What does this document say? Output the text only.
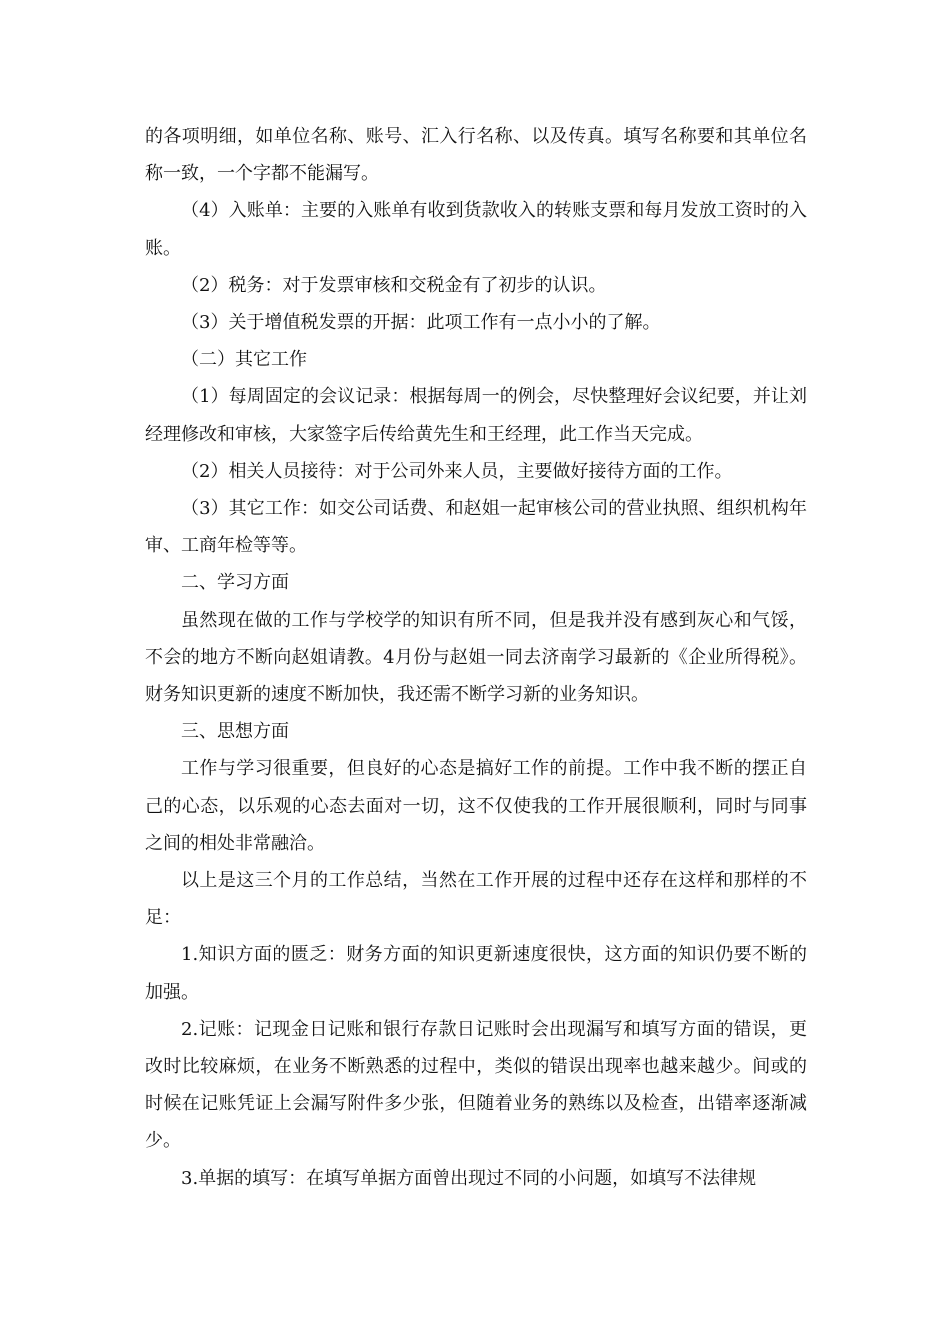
的各项明细，如单位名称、账号、汇入行名称、以及传真。填写名称要和其单位名称一致，一个字都不能漏写。

（4）入账单：主要的入账单有收到货款收入的转账支票和每月发放工资时的入账。

（2）税务：对于发票审核和交税金有了初步的认识。

（3）关于增值税发票的开据：此项工作有一点小小的了解。

（二）其它工作

（1）每周固定的会议记录：根据每周一的例会，尽快整理好会议纪要，并让刘经理修改和审核，大家签字后传给黄先生和王经理，此工作当天完成。

（2）相关人员接待：对于公司外来人员，主要做好接待方面的工作。

（3）其它工作：如交公司话费、和赵姐一起审核公司的营业执照、组织机构年审、工商年检等等。

二、学习方面

虽然现在做的工作与学校学的知识有所不同，但是我并没有感到灰心和气馁，不会的地方不断向赵姐请教。4月份与赵姐一同去济南学习最新的《企业所得税》。财务知识更新的速度不断加快，我还需不断学习新的业务知识。

三、思想方面

工作与学习很重要，但良好的心态是搞好工作的前提。工作中我不断的摆正自己的心态，以乐观的心态去面对一切，这不仅使我的工作开展很顺利，同时与同事之间的相处非常融洽。

以上是这三个月的工作总结，当然在工作开展的过程中还存在这样和那样的不足：

1.知识方面的匮乏：财务方面的知识更新速度很快，这方面的知识仍要不断的加强。

2.记账：记现金日记账和银行存款日记账时会出现漏写和填写方面的错误，更改时比较麻烦，在业务不断熟悉的过程中，类似的错误出现率也越来越少。间或的时候在记账凭证上会漏写附件多少张，但随着业务的熟练以及检查，出错率逐渐减少。

3.单据的填写：在填写单据方面曾出现过不同的小问题，如填写不法律规
